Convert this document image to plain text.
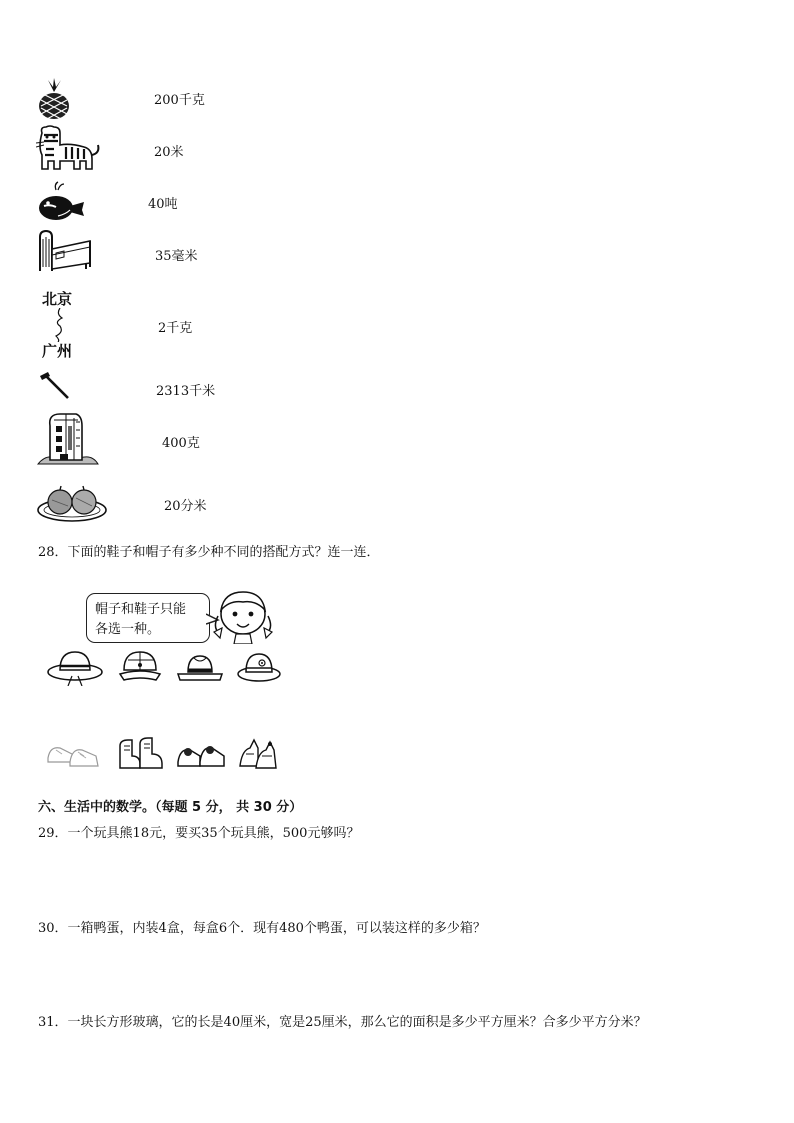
北京
广州
200千克
20米
40吨
35毫米
2千克
2313千米
400克
20分米
28．下面的鞋子和帽子有多少种不同的搭配方式？连一连．
帽子和鞋子只能
各选一种。
六、生活中的数学。（每题 5 分， 共 30 分）
29．一个玩具熊18元，要买35个玩具熊，500元够吗？
30．一箱鸭蛋，内装4盒，每盒6个．现有480个鸭蛋，可以装这样的多少箱？
31．一块长方形玻璃，它的长是40厘米，宽是25厘米，那么它的面积是多少平方厘米？合多少平方分米？
